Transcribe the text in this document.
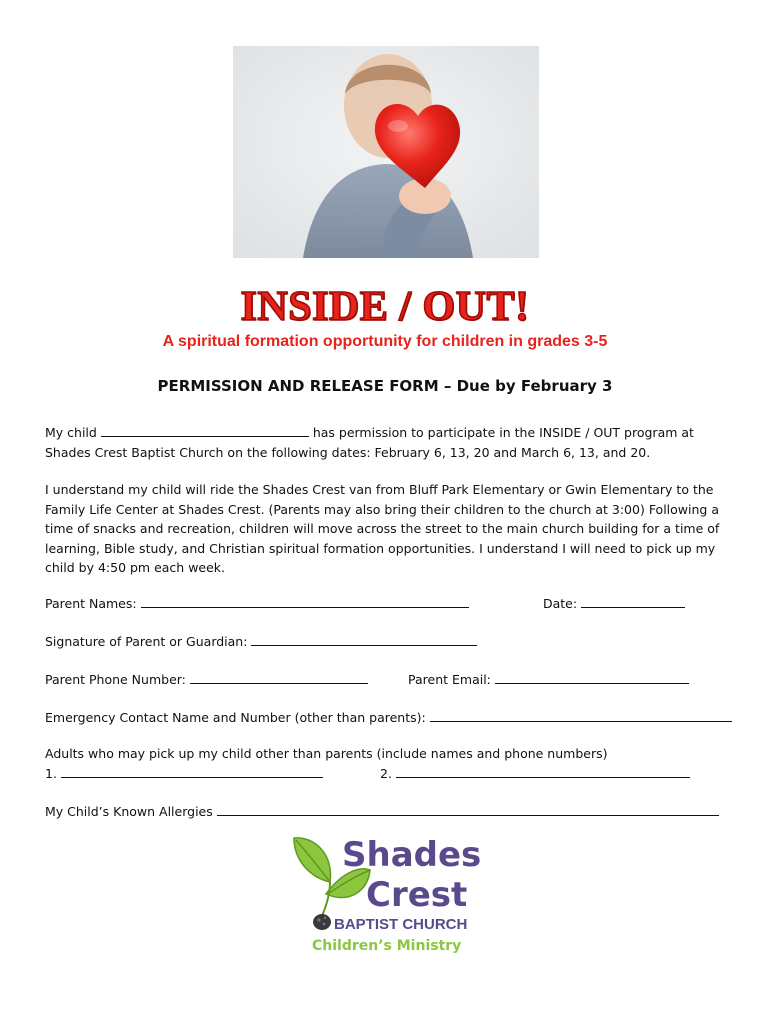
INSIDE / OUT!
A spiritual formation opportunity for children in grades 3-5
PERMISSION AND RELEASE FORM – Due by February 3
My child	has permission to participate in the INSIDE / OUT program at
Shades Crest Baptist Church on the following dates: February 6, 13, 20 and March 6, 13, and 20.
I understand my child will ride the Shades Crest van from Bluff Park Elementary or Gwin Elementary to the Family Life Center at Shades Crest. (Parents may also bring their children to the church at 3:00) Following a time of snacks and recreation, children will move across the street to the main church building for a time of learning, Bible study, and Christian spiritual formation opportunities. I understand I will need to pick up my child by 4:50 pm each week.
Parent Names:	Date:
Signature of Parent or Guardian:
Parent Phone Number:	Parent Email:
Emergency Contact Name and Number (other than parents):
Adults who may pick up my child other than parents (include names and phone numbers)
1.	2.
My Child’s Known Allergies
Shades
Crest
BAPTIST CHURCH
Children’s Ministry
